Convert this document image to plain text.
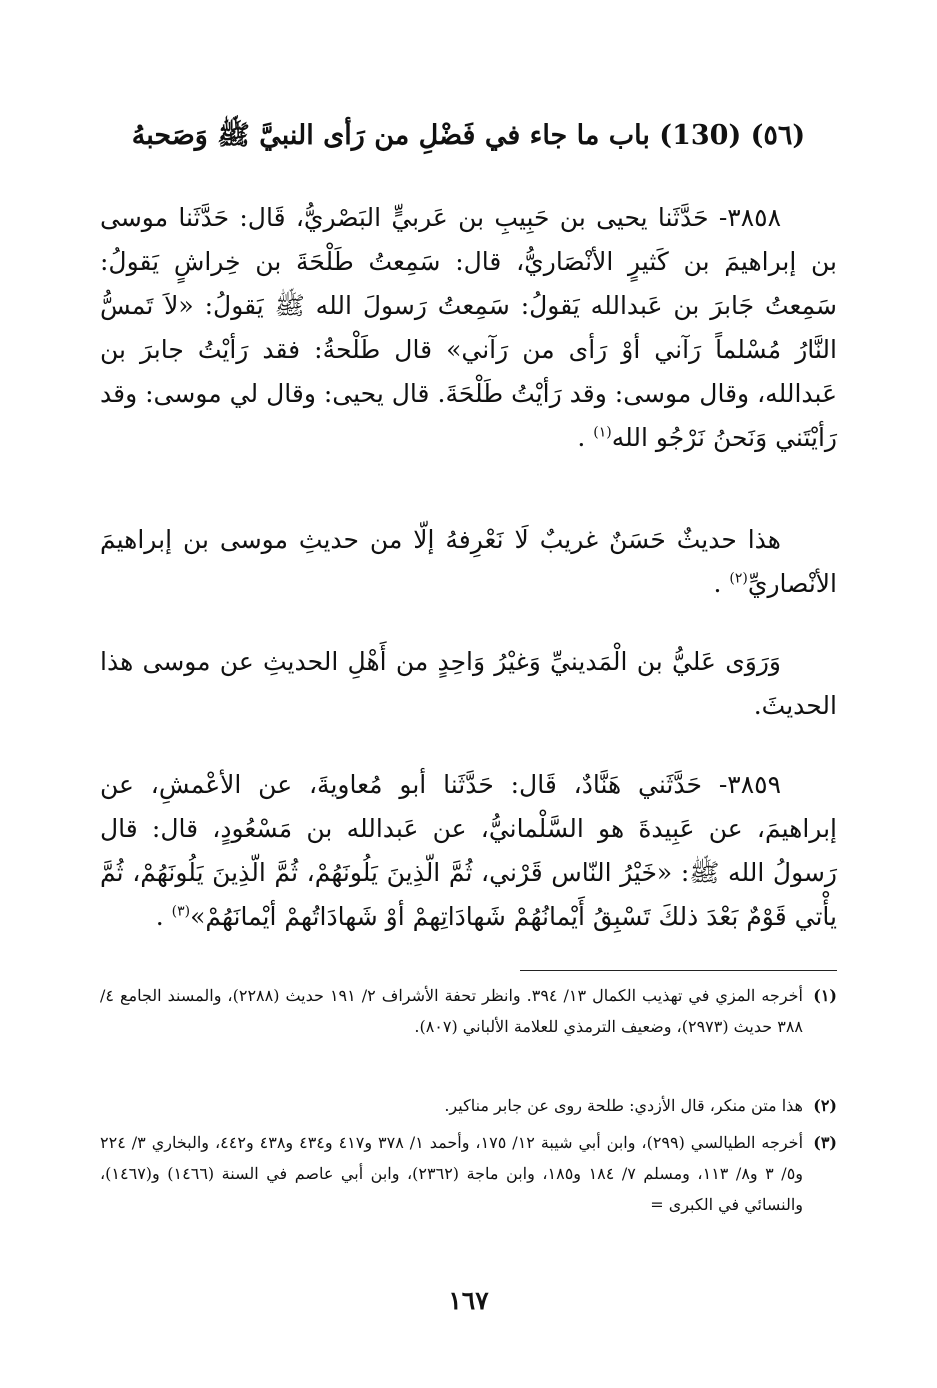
(٥٦) (130) باب ما جاء في فَضْلِ من رَأى النبيَّ ﷺ وَصَحبهُ
٣٨٥٨- حَدَّثَنا يحيى بن حَبِيبِ بن عَربيٍّ البَصْريُّ، قَال: حَدَّثَنا موسى بن إبراهيمَ بن كَثيرٍ الأنْصَاريُّ، قال: سَمِعتُ طَلْحَةَ بن خِراشٍ يَقولُ: سَمِعتُ جَابرَ بن عَبدالله يَقولُ: سَمِعتُ رَسولَ الله ﷺ يَقولُ: «لاَ تَمسُّ النَّارُ مُسْلماً رَآني أوْ رَأى من رَآني» قال طَلْحةُ: فقد رَأيْتُ جابرَ بن عَبدالله، وقال موسى: وقد رَأيْتُ طَلْحَةَ. قال يحيى: وقال لي موسى: وقد رَأيْتَني وَنَحنُ نَرْجُو الله$^{(١)}$ .
هذا حديثٌ حَسَنٌ غريبٌ لَا نَعْرِفهُ إلّا من حديثِ موسى بن إبراهيمَ الأنْصاريِّ$^{(٢)}$ .
وَرَوَى عَليُّ بن الْمَدينيِّ وَغيْرُ وَاحِدٍ من أَهْلِ الحديثِ عن موسى هذا الحديثَ.
٣٨٥٩- حَدَّثَني هَنَّادٌ، قَال: حَدَّثَنا أبو مُعاويةَ، عن الأعْمشِ، عن إبراهيمَ، عن عَبِيدةَ هو السَّلْمانيُّ، عن عَبدالله بن مَسْعُودٍ، قال: قال رَسولُ الله ﷺ: «خَيْرُ النّاس قَرْني، ثُمَّ الّذِينَ يَلُونَهُمْ، ثُمَّ الّذِينَ يَلُونَهُمْ، ثُمَّ يأْتي قَوْمٌ بَعْدَ ذلكَ تَسْبِقُ أَيْمانُهُمْ شَهادَاتِهمْ أوْ شَهادَاتُهمْ أيْمانَهُمْ»$^{(٣)}$ .
(١)
أخرجه المزي في تهذيب الكمال ١٣/ ٣٩٤. وانظر تحفة الأشراف ٢/ ١٩١ حديث (٢٢٨٨)، والمسند الجامع ٤/ ٣٨٨ حديث (٢٩٧٣)، وضعيف الترمذي للعلامة الألباني (٨٠٧).
(٢)
هذا متن منكر، قال الأزدي: طلحة روى عن جابر مناكير.
(٣)
أخرجه الطيالسي (٢٩٩)، وابن أبي شيبة ١٢/ ١٧٥، وأحمد ١/ ٣٧٨ و٤١٧ و٤٣٤ و٤٣٨ و٤٤٢، والبخاري ٣/ ٢٢٤ و٥/ ٣ و٨/ ١١٣، ومسلم ٧/ ١٨٤ و١٨٥، وابن ماجة (٢٣٦٢)، وابن أبي عاصم في السنة (١٤٦٦) و(١٤٦٧)، والنسائي في الكبرى =
١٦٧
